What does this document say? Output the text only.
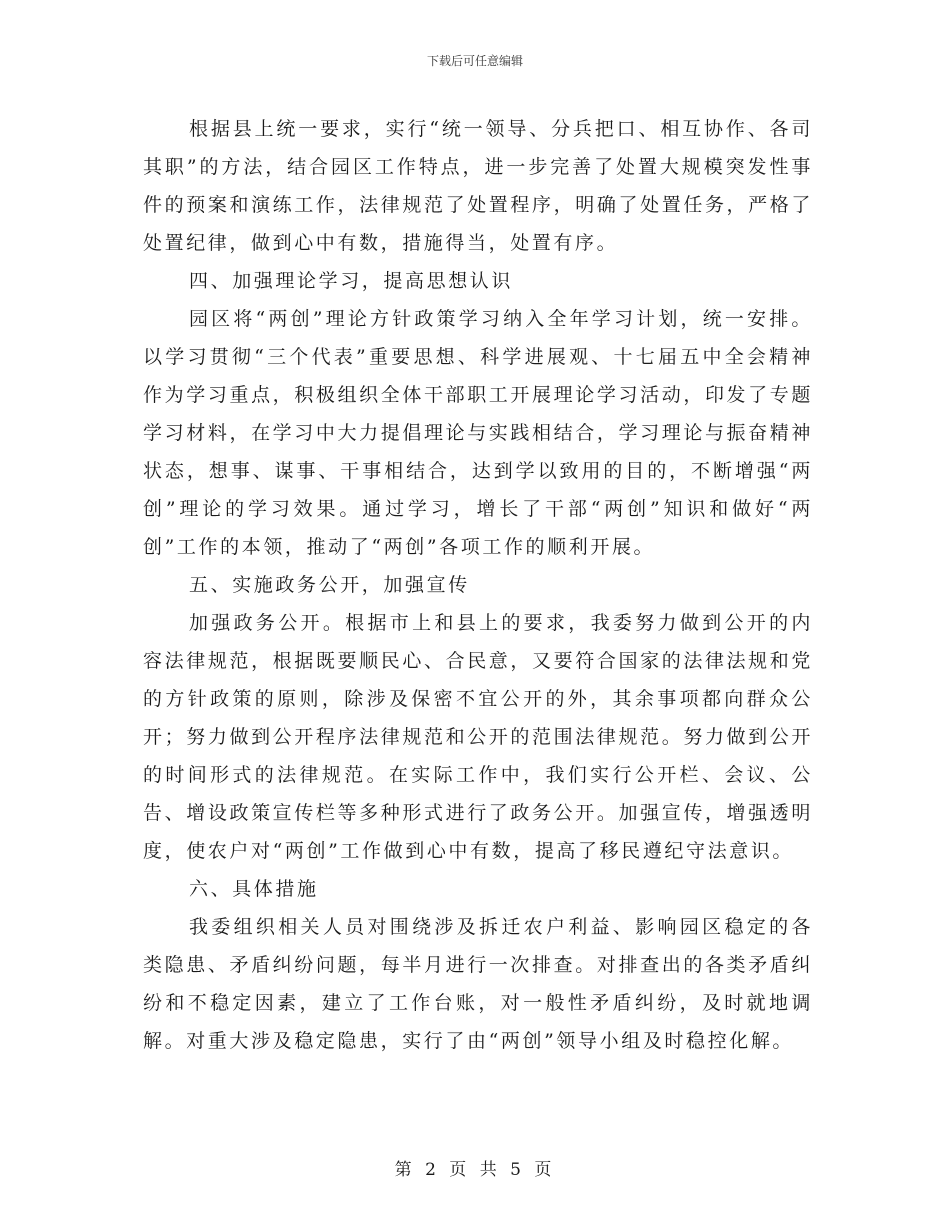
下载后可任意编辑

根据县上统一要求，实行“统一领导、分兵把口、相互协作、各司其职”的方法，结合园区工作特点，进一步完善了处置大规模突发性事件的预案和演练工作，法律规范了处置程序，明确了处置任务，严格了处置纪律，做到心中有数，措施得当，处置有序。

四、加强理论学习，提高思想认识

园区将“两创”理论方针政策学习纳入全年学习计划，统一安排。以学习贯彻“三个代表”重要思想、科学进展观、十七届五中全会精神作为学习重点，积极组织全体干部职工开展理论学习活动，印发了专题学习材料，在学习中大力提倡理论与实践相结合，学习理论与振奋精神状态，想事、谋事、干事相结合，达到学以致用的目的，不断增强“两创”理论的学习效果。通过学习，增长了干部“两创”知识和做好“两创”工作的本领，推动了“两创”各项工作的顺利开展。

五、实施政务公开，加强宣传

加强政务公开。根据市上和县上的要求，我委努力做到公开的内容法律规范，根据既要顺民心、合民意，又要符合国家的法律法规和党的方针政策的原则，除涉及保密不宜公开的外，其余事项都向群众公开；努力做到公开程序法律规范和公开的范围法律规范。努力做到公开的时间形式的法律规范。在实际工作中，我们实行公开栏、会议、公告、增设政策宣传栏等多种形式进行了政务公开。加强宣传，增强透明度，使农户对“两创”工作做到心中有数，提高了移民遵纪守法意识。

六、具体措施

我委组织相关人员对围绕涉及拆迁农户利益、影响园区稳定的各类隐患、矛盾纠纷问题，每半月进行一次排查。对排查出的各类矛盾纠纷和不稳定因素，建立了工作台账，对一般性矛盾纠纷，及时就地调解。对重大涉及稳定隐患，实行了由“两创”领导小组及时稳控化解。

第 2 页 共 5 页
